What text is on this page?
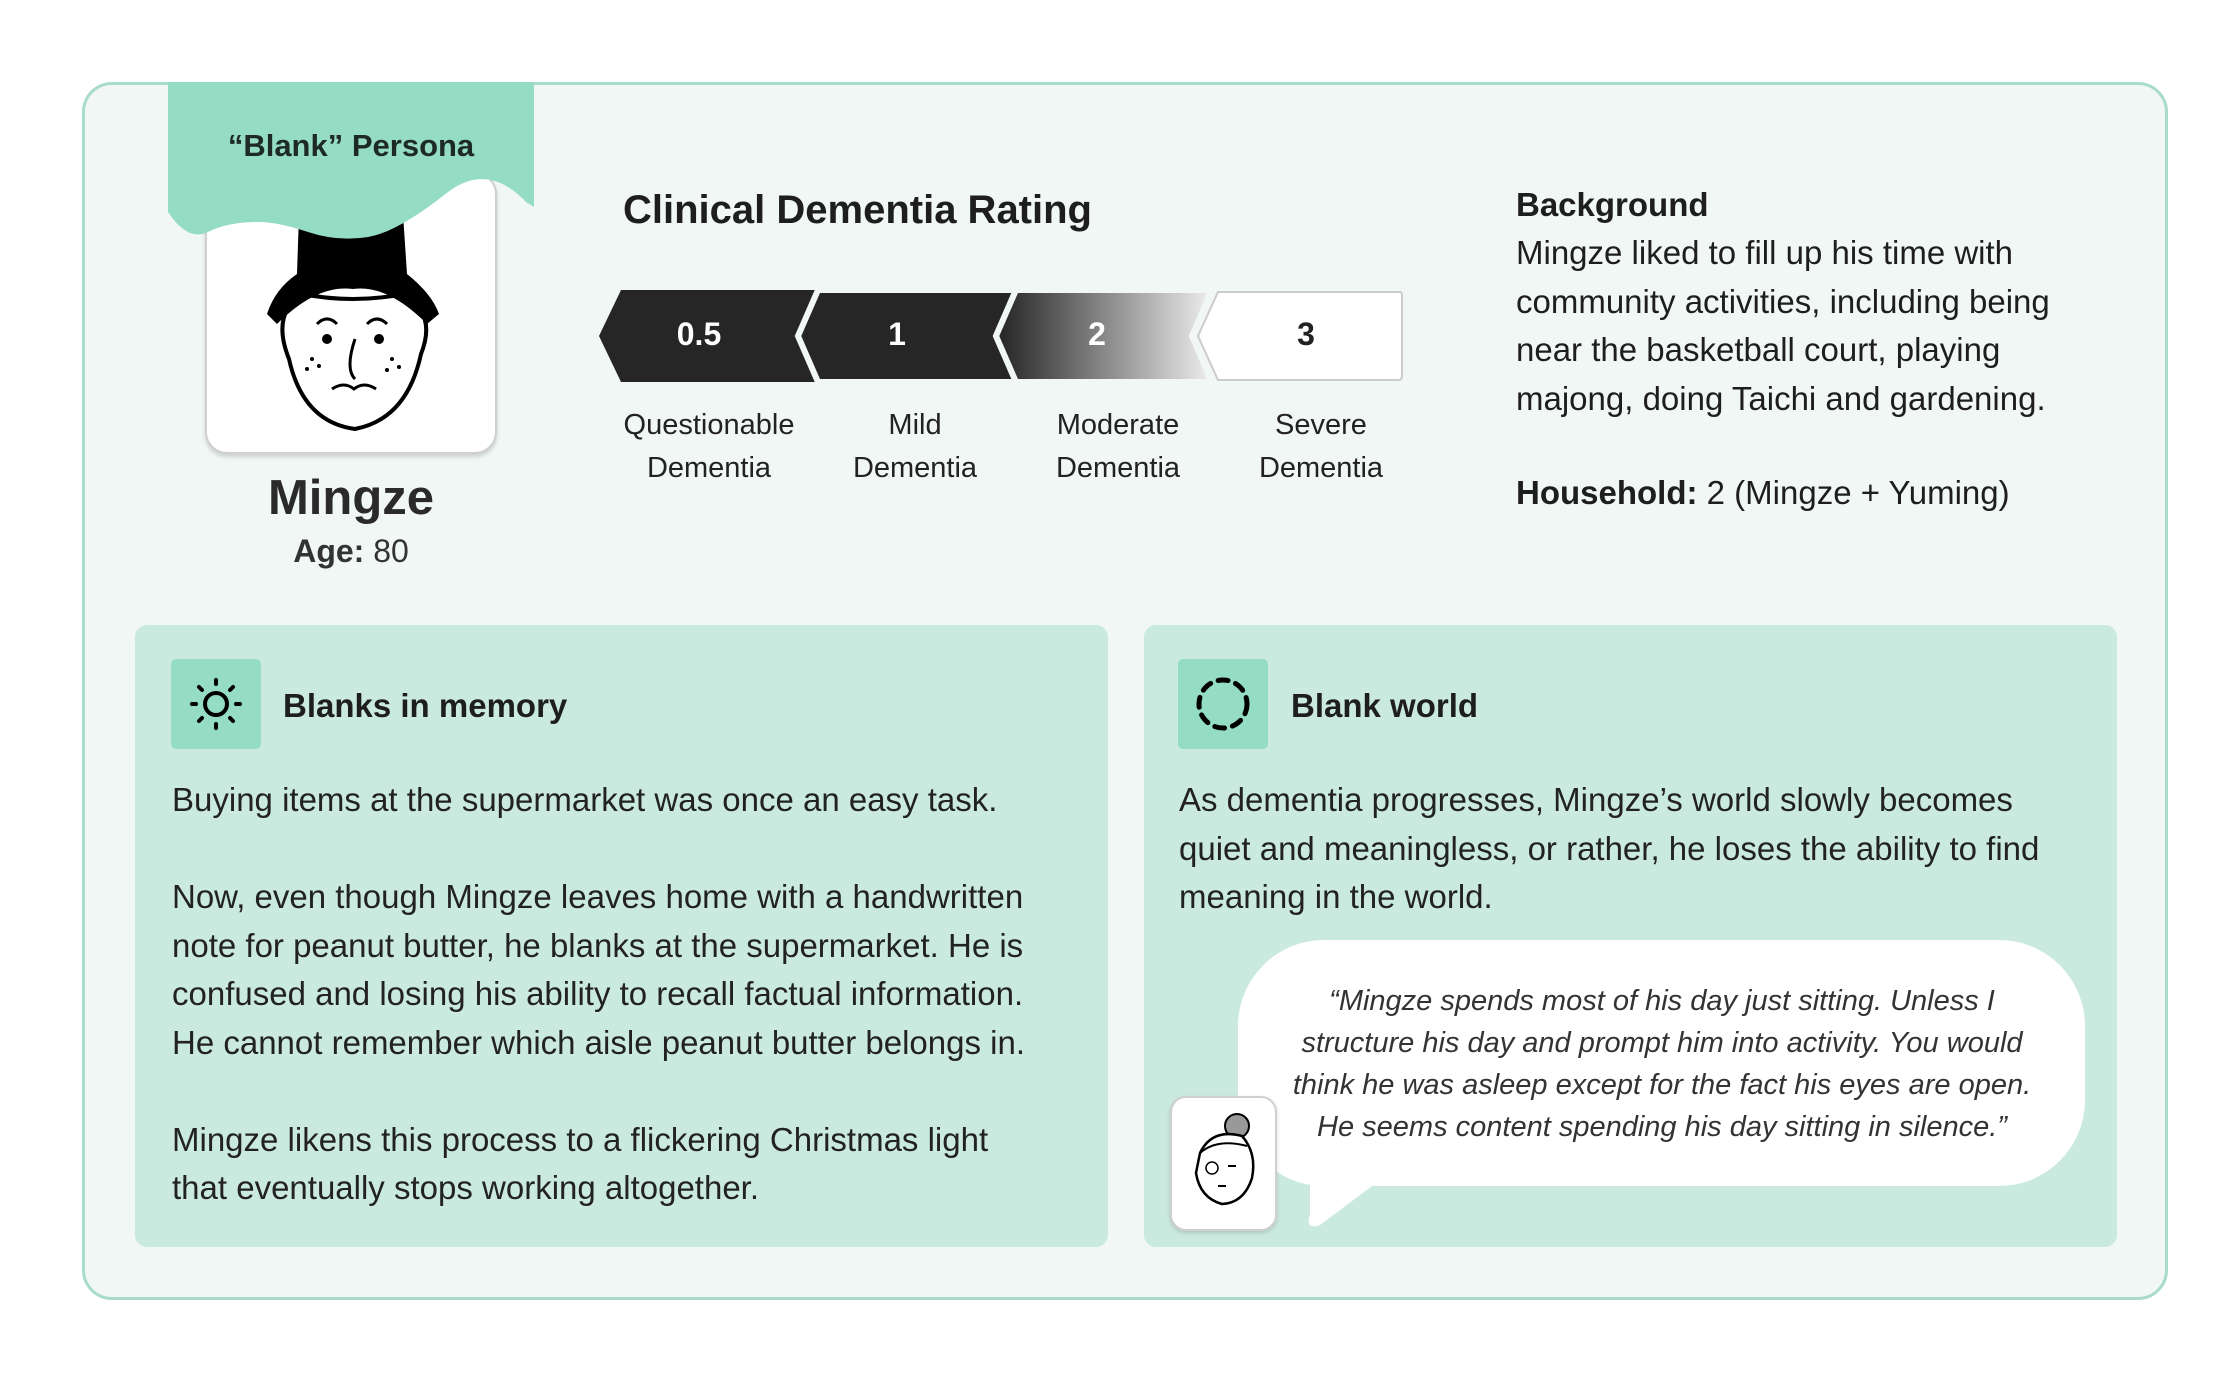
“Blank” Persona
Mingze
Age: 80
Clinical Dementia Rating
0.5	1	2	3
Questionable
Dementia
Mild
Dementia
Moderate
Dementia
Severe
Dementia
Background
Mingze liked to fill up his time with
community activities, including being
near the basketball court, playing
majong, doing Taichi and gardening.
Household: 2 (Mingze + Yuming)
Blanks in memory
Buying items at the supermarket was once an easy task.

Now, even though Mingze leaves home with a handwritten
note for peanut butter, he blanks at the supermarket. He is
confused and losing his ability to recall factual information.
He cannot remember which aisle peanut butter belongs in.

Mingze likens this process to a flickering Christmas light
that eventually stops working altogether.
Blank world
As dementia progresses, Mingze’s world slowly becomes
quiet and meaningless, or rather, he loses the ability to find
meaning in the world.
“Mingze spends most of his day just sitting. Unless I
structure his day and prompt him into activity. You would
think he was asleep except for the fact his eyes are open.
He seems content spending his day sitting in silence.”
